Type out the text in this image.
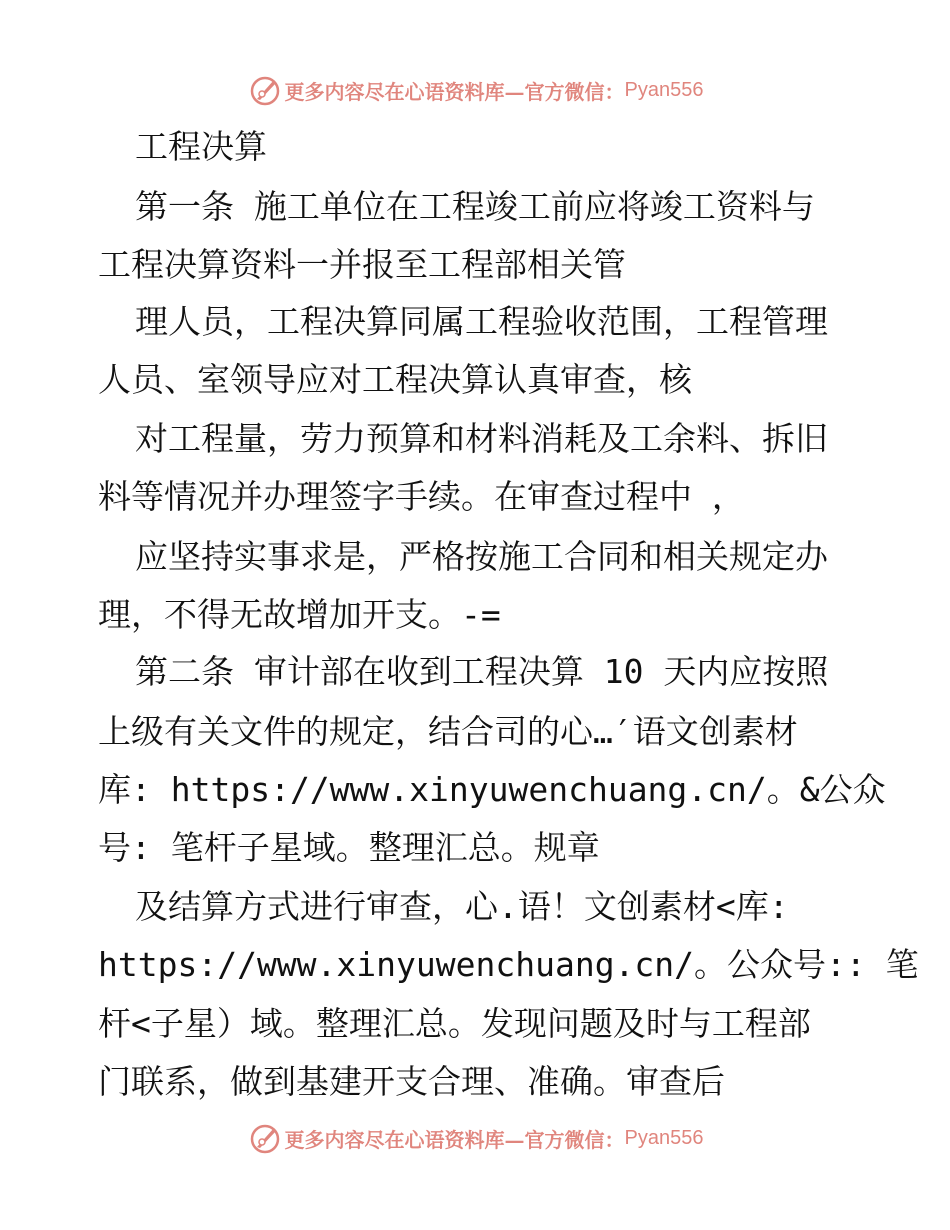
更多内容尽在心语资料库—官方微信： Pyan556
工程决算
第一条 施工单位在工程竣工前应将竣工资料与
工程决算资料一并报至工程部相关管
理人员，工程决算同属工程验收范围，工程管理
人员、室领导应对工程决算认真审查，核
对工程量，劳力预算和材料消耗及工余料、拆旧
料等情况并办理签字手续。在审查过程中 ，
应坚持实事求是，严格按施工合同和相关规定办
理，不得无故增加开支。-=
第二条 审计部在收到工程决算 10 天内应按照
上级有关文件的规定，结合司的心…′语文创素材
库: https://www.xinyuwenchuang.cn/。&公众
号: 笔杆子星域。整理汇总。规章
及结算方式进行审查，心.语！文创素材<库:
https://www.xinyuwenchuang.cn/。公众号:: 笔
杆<子星）域。整理汇总。发现问题及时与工程部
门联系，做到基建开支合理、准确。审查后
更多内容尽在心语资料库—官方微信： Pyan556
